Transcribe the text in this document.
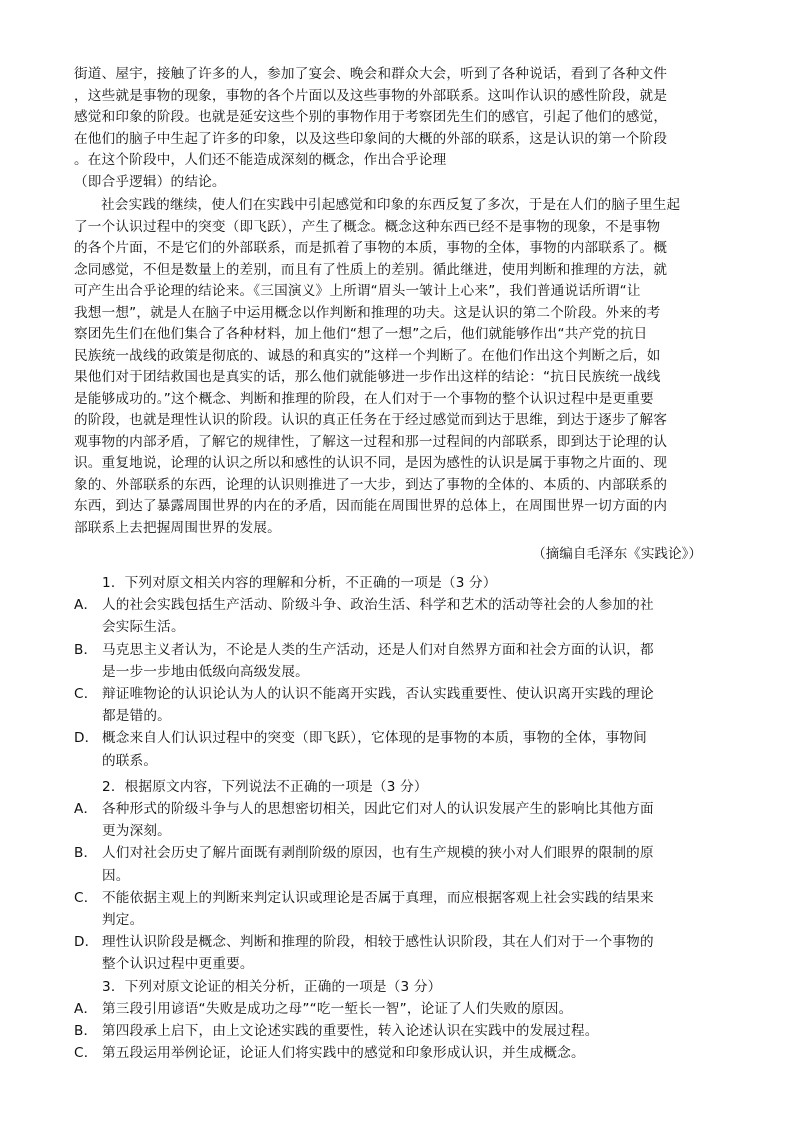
街道、屋宇，接触了许多的人，参加了宴会、晚会和群众大会，听到了各种说话，看到了各种文件
，这些就是事物的现象，事物的各个片面以及这些事物的外部联系。这叫作认识的感性阶段，就是
感觉和印象的阶段。也就是延安这些个别的事物作用于考察团先生们的感官，引起了他们的感觉，
在他们的脑子中生起了许多的印象，以及这些印象间的大概的外部的联系，这是认识的第一个阶段
。在这个阶段中，人们还不能造成深刻的概念，作出合乎论理
（即合乎逻辑）的结论。
社会实践的继续，使人们在实践中引起感觉和印象的东西反复了多次，于是在人们的脑子里生起
了一个认识过程中的突变（即飞跃），产生了概念。概念这种东西已经不是事物的现象，不是事物
的各个片面，不是它们的外部联系，而是抓着了事物的本质，事物的全体，事物的内部联系了。概
念同感觉，不但是数量上的差别，而且有了性质上的差别。循此继进，使用判断和推理的方法，就
可产生出合乎论理的结论来。《三国演义》上所谓“眉头一皱计上心来”，我们普通说话所谓“让
我想一想”，就是人在脑子中运用概念以作判断和推理的功夫。这是认识的第二个阶段。外来的考
察团先生们在他们集合了各种材料，加上他们“想了一想”之后，他们就能够作出“共产党的抗日
民族统一战线的政策是彻底的、诚恳的和真实的”这样一个判断了。在他们作出这个判断之后，如
果他们对于团结救国也是真实的话，那么他们就能够进一步作出这样的结论：“抗日民族统一战线
是能够成功的。”这个概念、判断和推理的阶段，在人们对于一个事物的整个认识过程中是更重要
的阶段，也就是理性认识的阶段。认识的真正任务在于经过感觉而到达于思维，到达于逐步了解客
观事物的内部矛盾，了解它的规律性，了解这一过程和那一过程间的内部联系，即到达于论理的认
识。重复地说，论理的认识之所以和感性的认识不同，是因为感性的认识是属于事物之片面的、现
象的、外部联系的东西，论理的认识则推进了一大步，到达了事物的全体的、本质的、内部联系的
东西，到达了暴露周围世界的内在的矛盾，因而能在周围世界的总体上，在周围世界一切方面的内
部联系上去把握周围世界的发展。
（摘编自毛泽东《实践论》）
1．下列对原文相关内容的理解和分析，不正确的一项是（3 分）
A． 人的社会实践包括生产活动、阶级斗争、政治生活、科学和艺术的活动等社会的人参加的社
会实际生活。
B． 马克思主义者认为，不论是人类的生产活动，还是人们对自然界方面和社会方面的认识，都
是一步一步地由低级向高级发展。
C． 辩证唯物论的认识论认为人的认识不能离开实践，否认实践重要性、使认识离开实践的理论
都是错的。
D． 概念来自人们认识过程中的突变（即飞跃），它体现的是事物的本质，事物的全体，事物间
的联系。
2．根据原文内容，下列说法不正确的一项是（3 分）
A． 各种形式的阶级斗争与人的思想密切相关，因此它们对人的认识发展产生的影响比其他方面
更为深刻。
B． 人们对社会历史了解片面既有剥削阶级的原因，也有生产规模的狭小对人们眼界的限制的原
因。
C． 不能依据主观上的判断来判定认识或理论是否属于真理，而应根据客观上社会实践的结果来
判定。
D． 理性认识阶段是概念、判断和推理的阶段，相较于感性认识阶段，其在人们对于一个事物的
整个认识过程中更重要。
3．下列对原文论证的相关分析，正确的一项是（3 分）
A． 第三段引用谚语“失败是成功之母”“吃一堑长一智”，论证了人们失败的原因。
B． 第四段承上启下，由上文论述实践的重要性，转入论述认识在实践中的发展过程。
C． 第五段运用举例论证，论证人们将实践中的感觉和印象形成认识，并生成概念。
